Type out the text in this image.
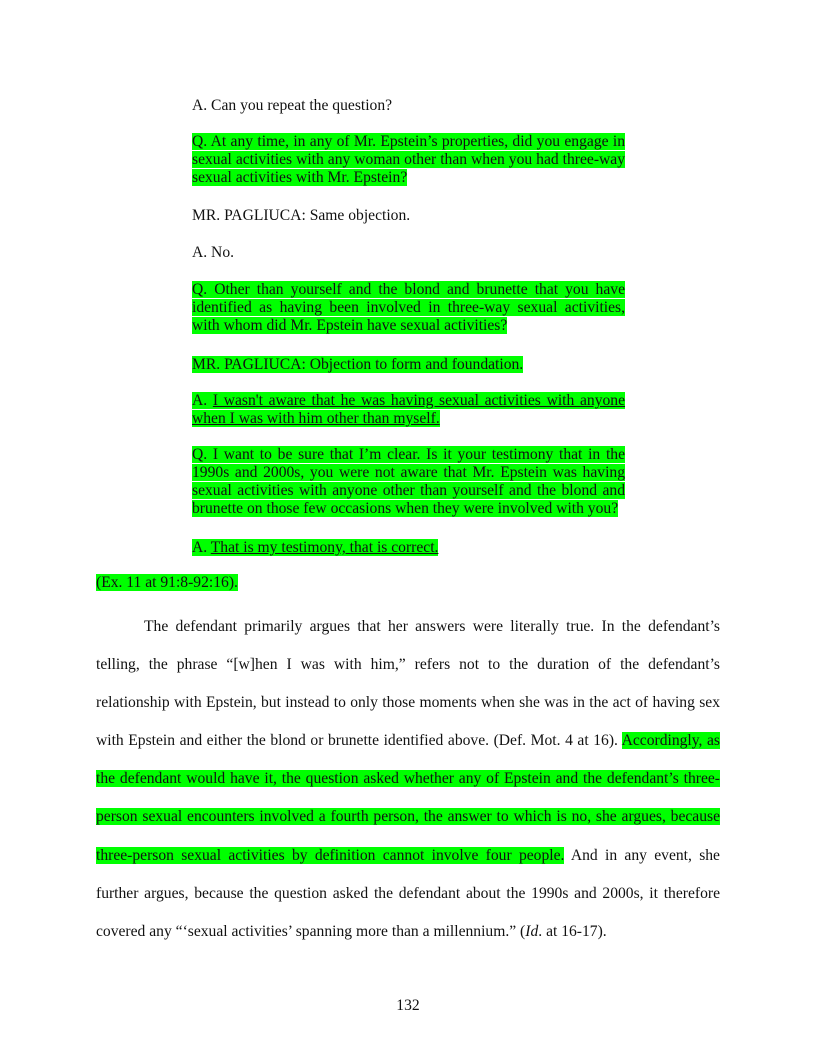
A. Can you repeat the question?

Q. At any time, in any of Mr. Epstein’s properties, did you engage in sexual activities with any woman other than when you had three-way sexual activities with Mr. Epstein?

MR. PAGLIUCA: Same objection.

A. No.

Q. Other than yourself and the blond and brunette that you have identified as having been involved in three-way sexual activities, with whom did Mr. Epstein have sexual activities?

MR. PAGLIUCA: Objection to form and foundation.

A. I wasn't aware that he was having sexual activities with anyone when I was with him other than myself.

Q. I want to be sure that I’m clear. Is it your testimony that in the 1990s and 2000s, you were not aware that Mr. Epstein was having sexual activities with anyone other than yourself and the blond and brunette on those few occasions when they were involved with you?

A. That is my testimony, that is correct.

(Ex. 11 at 91:8-92:16).

The defendant primarily argues that her answers were literally true. In the defendant’s telling, the phrase “[w]hen I was with him,” refers not to the duration of the defendant’s relationship with Epstein, but instead to only those moments when she was in the act of having sex with Epstein and either the blond or brunette identified above. (Def. Mot. 4 at 16). Accordingly, as the defendant would have it, the question asked whether any of Epstein and the defendant’s three-person sexual encounters involved a fourth person, the answer to which is no, she argues, because three-person sexual activities by definition cannot involve four people. And in any event, she further argues, because the question asked the defendant about the 1990s and 2000s, it therefore covered any “‘sexual activities’ spanning more than a millennium.” (Id. at 16-17).

132
